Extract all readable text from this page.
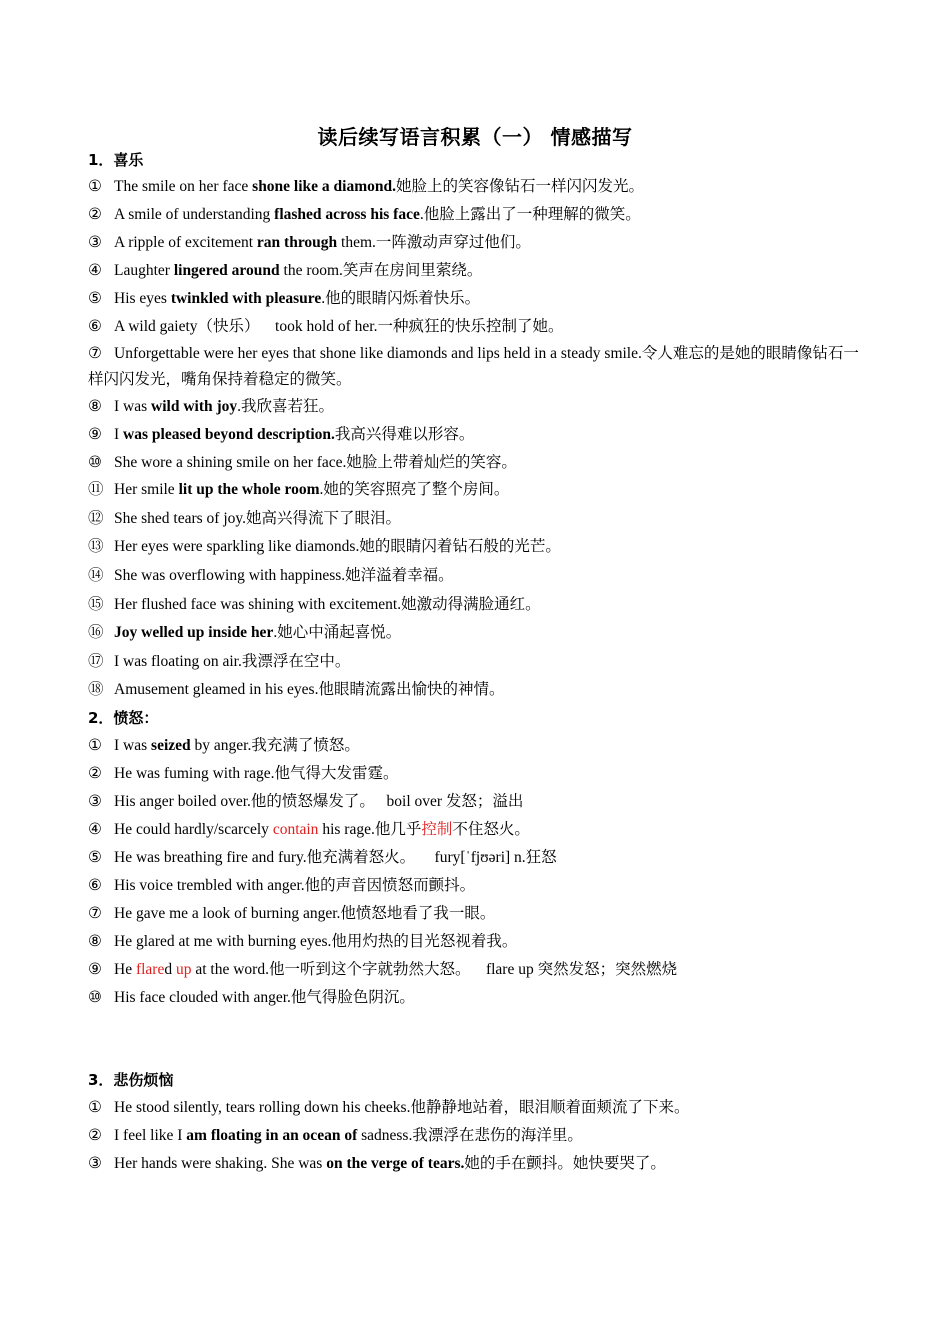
读后续写语言积累（一） 情感描写
1．喜乐
① The smile on her face shone like a diamond.她脸上的笑容像钻石一样闪闪发光。
② A smile of understanding flashed across his face.他脸上露出了一种理解的微笑。
③ A ripple of excitement ran through them.一阵激动声穿过他们。
④ Laughter lingered around the room.笑声在房间里萦绕。
⑤ His eyes twinkled with pleasure.他的眼睛闪烁着快乐。
⑥ A wild gaiety（快乐）    took hold of her.一种疯狂的快乐控制了她。
⑦ Unforgettable were her eyes that shone like diamonds and lips held in a steady smile.令人难忘的是她的眼睛像钻石一样闪闪发光，嘴角保持着稳定的微笑。
⑧ I was wild with joy.我欣喜若狂。
⑨ I was pleased beyond description.我高兴得难以形容。
⑩ She wore a shining smile on her face.她脸上带着灿烂的笑容。
⑪ Her smile lit up the whole room.她的笑容照亮了整个房间。
⑫ She shed tears of joy.她高兴得流下了眼泪。
⑬ Her eyes were sparkling like diamonds.她的眼睛闪着钻石般的光芒。
⑭ She was overflowing with happiness.她洋溢着幸福。
⑮ Her flushed face was shining with excitement.她激动得满脸通红。
⑯ Joy welled up inside her.她心中涌起喜悦。
⑰ I was floating on air.我漂浮在空中。
⑱ Amusement gleamed in his eyes.他眼睛流露出愉快的神情。
2．愤怒：
① I was seized by anger.我充满了愤怒。
② He was fuming with rage.他气得大发雷霆。
③ His anger boiled over.他的愤怒爆发了。   boil over 发怒；溢出
④ He could hardly/scarcely contain his rage.他几乎控制不住怒火。
⑤ He was breathing fire and fury.他充满着怒火。     fury[ˈfjʊəri] n.狂怒
⑥ His voice trembled with anger.他的声音因愤怒而颤抖。
⑦ He gave me a look of burning anger.他愤怒地看了我一眼。
⑧ He glared at me with burning eyes.他用灼热的目光怒视着我。
⑨ He flared up at the word.他一听到这个字就勃然大怒。    flare up 突然发怒；突然燃烧
⑩ His face clouded with anger.他气得脸色阴沉。
3．悲伤烦恼
① He stood silently, tears rolling down his cheeks.他静静地站着，眼泪顺着面颊流了下来。
② I feel like I am floating in an ocean of sadness.我漂浮在悲伤的海洋里。
③ Her hands were shaking. She was on the verge of tears.她的手在颤抖。她快要哭了。
